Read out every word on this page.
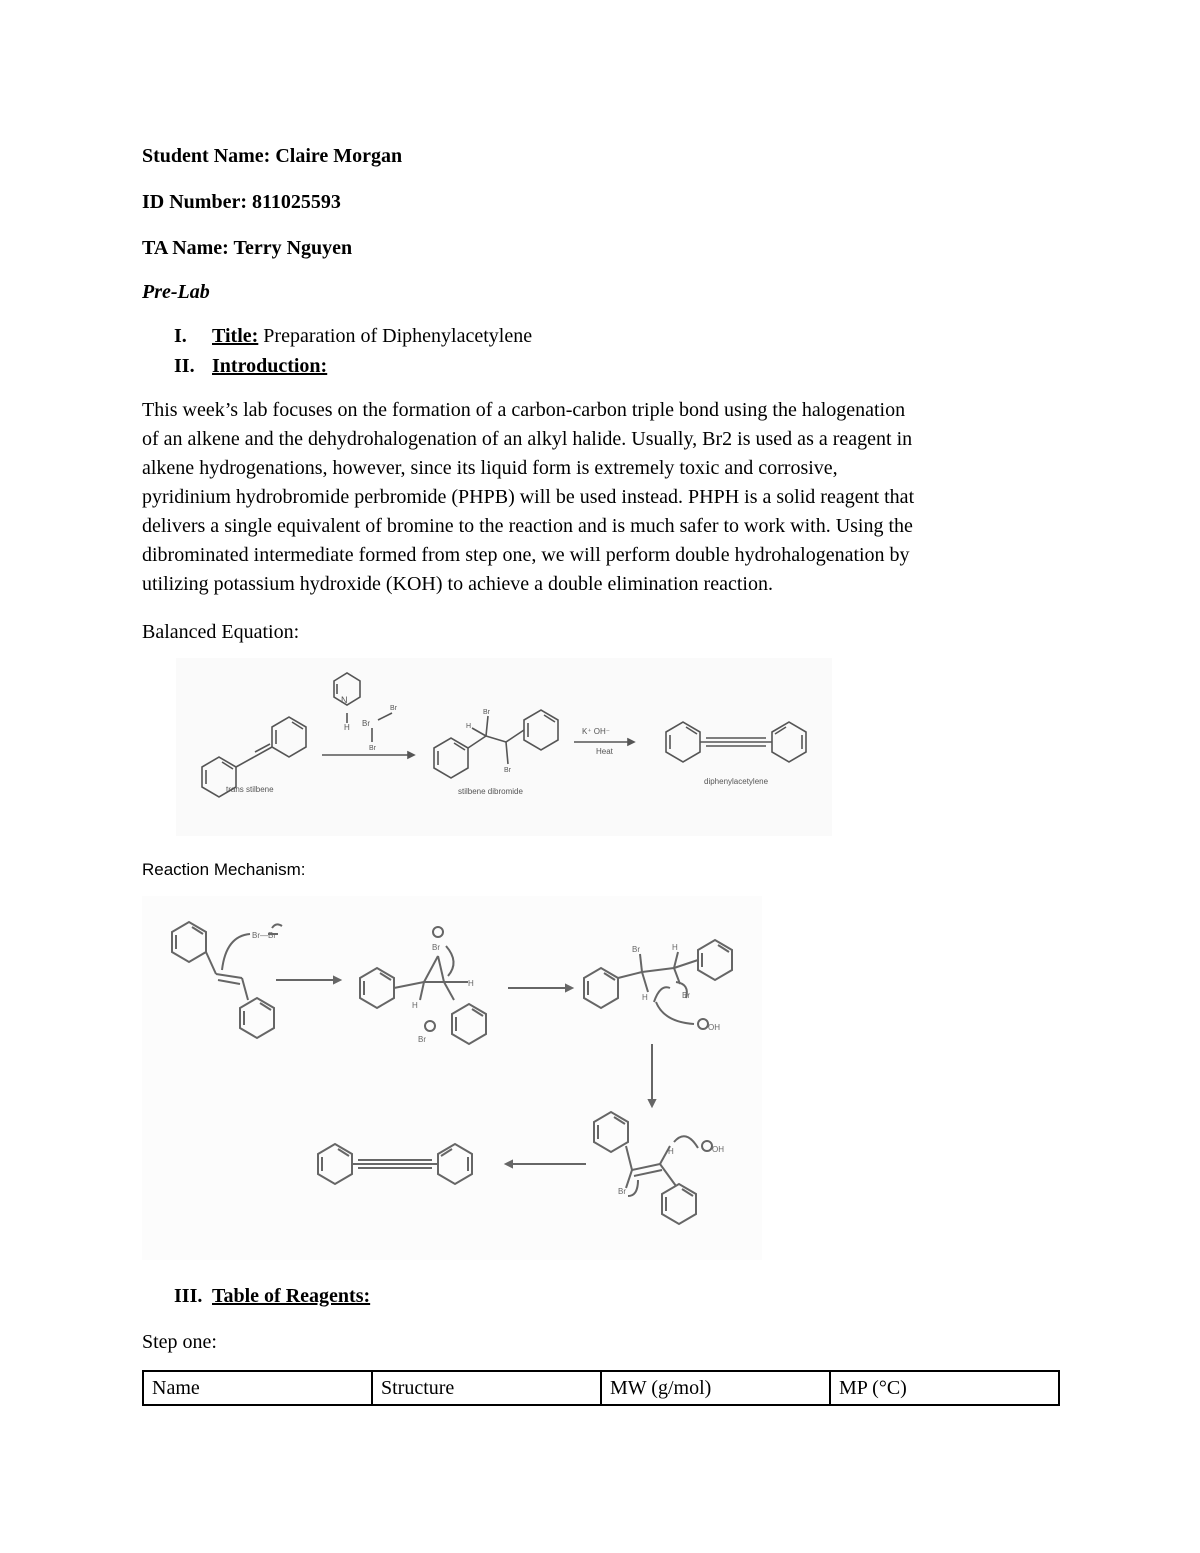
Student Name: Claire Morgan
ID Number: 811025593
TA Name: Terry Nguyen
Pre-Lab
I. Title: Preparation of Diphenylacetylene
II. Introduction:
This week’s lab focuses on the formation of a carbon-carbon triple bond using the halogenation
of an alkene and the dehydrohalogenation of an alkyl halide. Usually, Br2 is used as a reagent in
alkene hydrogenations, however, since its liquid form is extremely toxic and corrosive,
pyridinium hydrobromide perbromide (PHPB) will be used instead. PHPH is a solid reagent that
delivers a single equivalent of bromine to the reaction and is much safer to work with. Using the
dibrominated intermediate formed from step one, we will perform double hydrohalogenation by
utilizing potassium hydroxide (KOH) to achieve a double elimination reaction.
Balanced Equation:
N
H Br
Br
Br
Br
H
Br
K⁺ OH⁻
Heat
trans stilbene	stilbene dibromide
diphenylacetylene
Reaction Mechanism:
Br—Br
Br
H
H
Br
Br	H
H	Br
OH
H	OH
Br
III. Table of Reagents:
Step one:
Name	Structure	MW (g/mol)	MP (°C)
